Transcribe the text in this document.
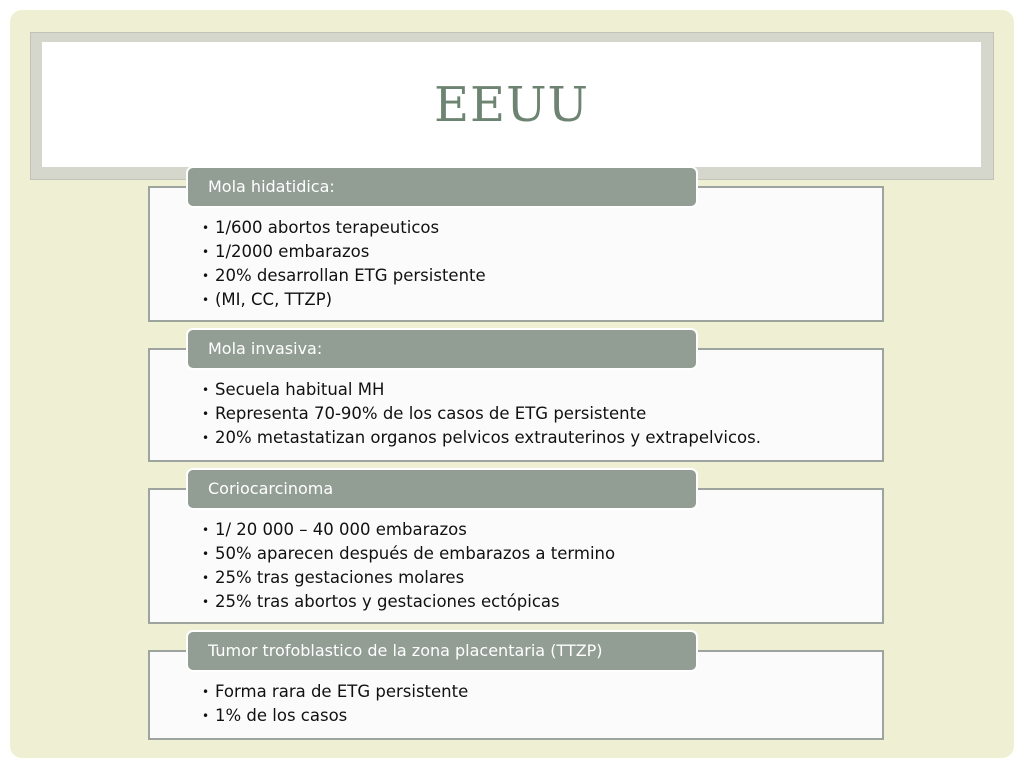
EEUU
Mola hidatidica:
• 1/600 abortos terapeuticos
• 1/2000 embarazos
• 20% desarrollan ETG persistente
• (MI, CC, TTZP)
Mola invasiva:
• Secuela habitual MH
• Representa 70-90% de los casos de ETG persistente
• 20% metastatizan organos pelvicos extrauterinos y extrapelvicos.
Coriocarcinoma
• 1/ 20 000 – 40 000 embarazos
• 50% aparecen después de embarazos a termino
• 25% tras gestaciones molares
• 25% tras abortos y gestaciones ectópicas
Tumor trofoblastico de la zona placentaria (TTZP)
• Forma rara de ETG persistente
• 1% de los casos
